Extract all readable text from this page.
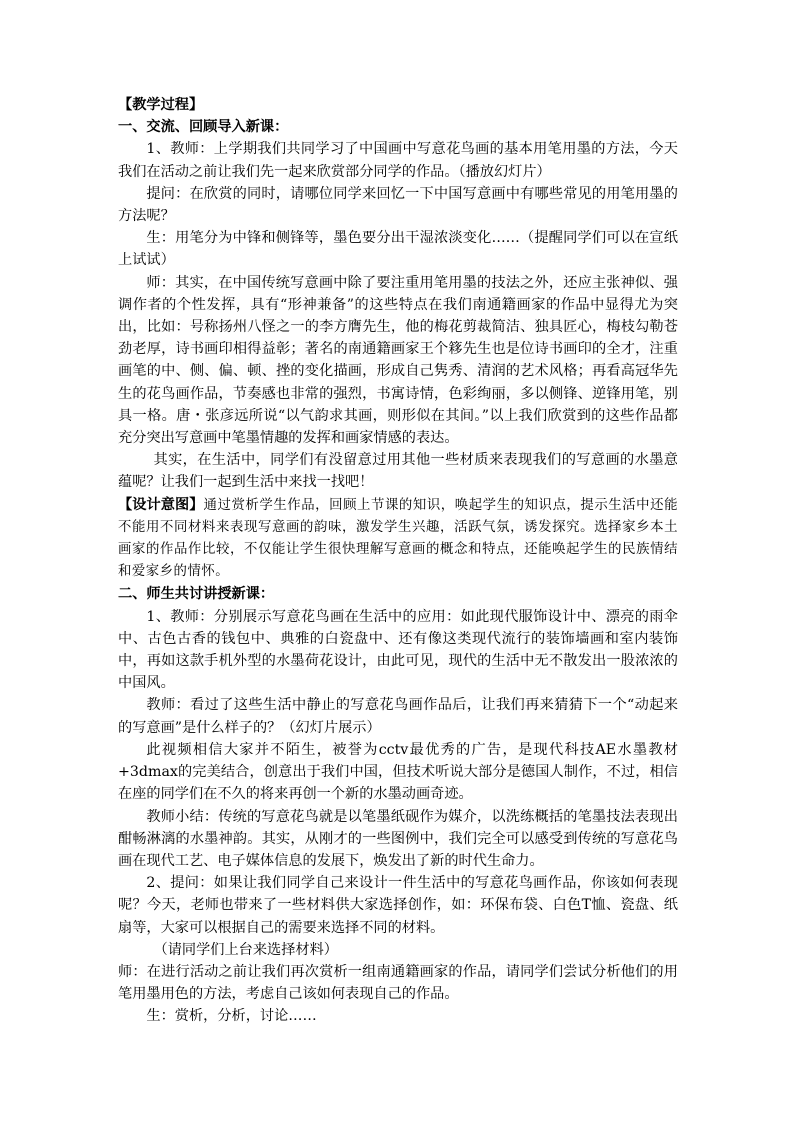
【教学过程】

一、交流、回顾导入新课：

1、教师：上学期我们共同学习了中国画中写意花鸟画的基本用笔用墨的方法，今天我们在活动之前让我们先一起来欣赏部分同学的作品。（播放幻灯片）

提问：在欣赏的同时，请哪位同学来回忆一下中国写意画中有哪些常见的用笔用墨的方法呢？

生：用笔分为中锋和侧锋等，墨色要分出干湿浓淡变化……（提醒同学们可以在宣纸上试试）

师：其实，在中国传统写意画中除了要注重用笔用墨的技法之外，还应主张神似、强调作者的个性发挥，具有“形神兼备”的这些特点在我们南通籍画家的作品中显得尤为突出，比如：号称扬州八怪之一的李方膺先生，他的梅花剪裁简洁、独具匠心，梅枝勾勒苍劲老厚，诗书画印相得益彰；著名的南通籍画家王个簃先生也是位诗书画印的全才，注重画笔的中、侧、偏、顿、挫的变化描画，形成自己隽秀、清润的艺术风格；再看高冠华先生的花鸟画作品，节奏感也非常的强烈，书寓诗情，色彩绚丽，多以侧锋、逆锋用笔，别具一格。唐・张彦远所说“以气韵求其画，则形似在其间。”以上我们欣赏到的这些作品都充分突出写意画中笔墨情趣的发挥和画家情感的表达。

其实，在生活中，同学们有没留意过用其他一些材质来表现我们的写意画的水墨意蕴呢？让我们一起到生活中来找一找吧！

【设计意图】通过赏析学生作品，回顾上节课的知识，唤起学生的知识点，提示生活中还能不能用不同材料来表现写意画的韵味，激发学生兴趣，活跃气氛，诱发探究。选择家乡本土画家的作品作比较，不仅能让学生很快理解写意画的概念和特点，还能唤起学生的民族情结和爱家乡的情怀。

二、师生共讨讲授新课：

1、教师：分别展示写意花鸟画在生活中的应用：如此现代服饰设计中、漂亮的雨伞中、古色古香的钱包中、典雅的白瓷盘中、还有像这类现代流行的装饰墙画和室内装饰中，再如这款手机外型的水墨荷花设计，由此可见，现代的生活中无不散发出一股浓浓的中国风。

教师：看过了这些生活中静止的写意花鸟画作品后，让我们再来猜猜下一个“动起来的写意画”是什么样子的？（幻灯片展示）

此视频相信大家并不陌生，被誉为cctv最优秀的广告，是现代科技AE水墨教材+3dmax的完美结合，创意出于我们中国，但技术听说大部分是德国人制作，不过，相信在座的同学们在不久的将来再创一个新的水墨动画奇迹。

教师小结：传统的写意花鸟就是以笔墨纸砚作为媒介，以洗练概括的笔墨技法表现出酣畅淋漓的水墨神韵。其实，从刚才的一些图例中，我们完全可以感受到传统的写意花鸟画在现代工艺、电子媒体信息的发展下，焕发出了新的时代生命力。

2、提问：如果让我们同学自己来设计一件生活中的写意花鸟画作品，你该如何表现呢？今天，老师也带来了一些材料供大家选择创作，如：环保布袋、白色T恤、瓷盘、纸扇等，大家可以根据自己的需要来选择不同的材料。

（请同学们上台来选择材料）

师：在进行活动之前让我们再次赏析一组南通籍画家的作品，请同学们尝试分析他们的用笔用墨用色的方法，考虑自己该如何表现自己的作品。

生：赏析，分析，讨论……
